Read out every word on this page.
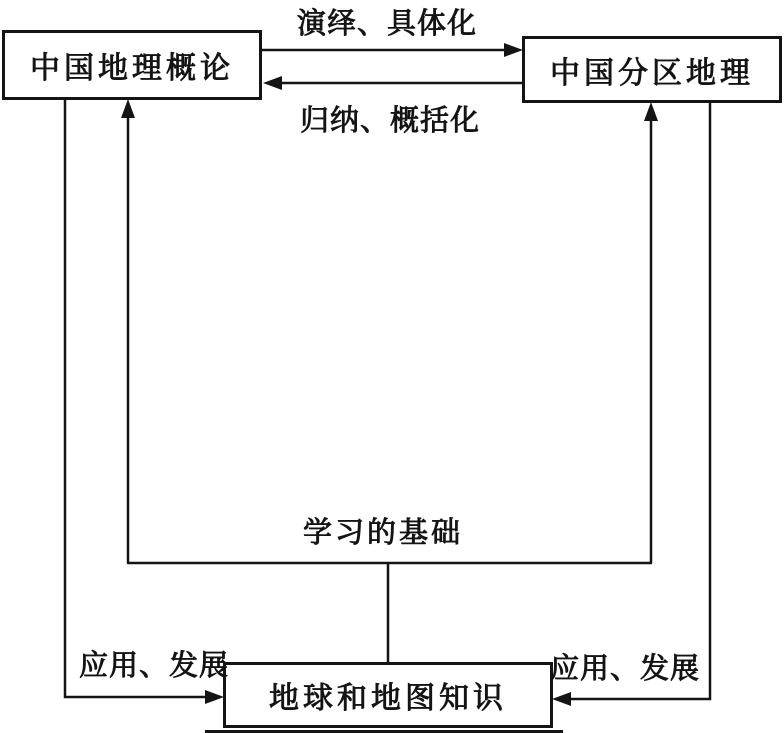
中国地理概论	中国分区地理
地球和地图知识
演绎、具体化
归纳、概括化
学习的基础
应用、发展	应用、发展
